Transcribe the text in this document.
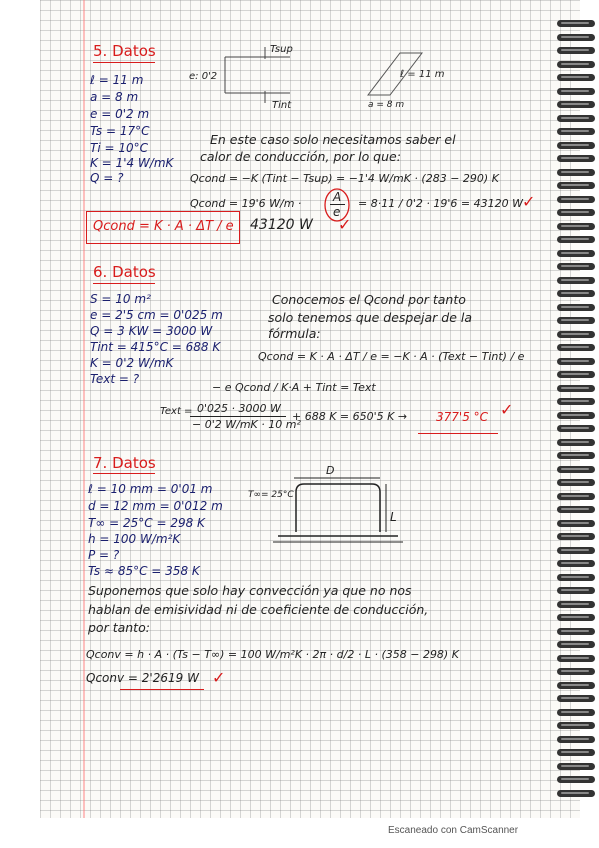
5. Datos
ℓ = 11 m
a = 8 m
e = 0'2 m
Ts = 17°C
Ti = 10°C
K = 1'4 W/mK
Q = ?
e: 0'2
Tsup
Tint
ℓ = 11 m
a = 8 m
En este caso solo necesitamos saber el
calor de conducción, por lo que:
Qcond = −K (Tint − Tsup) = −1'4 W/mK · (283 − 290) K
Qcond = 19'6 W/m ·	A
e
= 8·11 / 0'2 · 19'6 = 43120 W
✓
Qcond = K · A · ΔT / e 43120 W ✓
6. Datos
S = 10 m²
e = 2'5 cm = 0'025 m
Q = 3 KW = 3000 W
Tint = 415°C = 688 K
K = 0'2 W/mK
Text = ?
Conocemos el Qcond por tanto
solo tenemos que despejar de la
fórmula:
Qcond = K · A · ΔT / e = −K · A · (Text − Tint) / e
− e Qcond / K·A + Tint = Text
Text = 0'025 · 3000 W
− 0'2 W/mK · 10 m²
+ 688 K = 650'5 K → 377'5 °C ✓
7. Datos
ℓ = 10 mm = 0'01 m
d = 12 mm = 0'012 m
T∞ = 25°C = 298 K
h = 100 W/m²K
P = ?
Ts ≈ 85°C = 358 K
D
T∞= 25°C
L
Suponemos que solo hay convección ya que no nos
hablan de emisividad ni de coeficiente de conducción,
por tanto:
Qconv = h · A · (Ts − T∞) = 100 W/m²K · 2π · d/2 · L · (358 − 298) K
Qconv = 2'2619 W ✓
Escaneado con CamScanner
